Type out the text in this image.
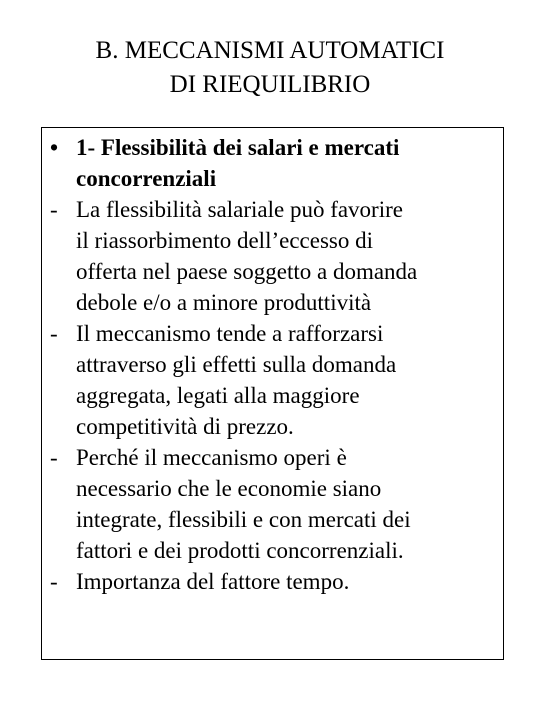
B. MECCANISMI AUTOMATICI
DI RIEQUILIBRIO
• 1- Flessibilità dei salari e mercati
concorrenziali
- La flessibilità salariale può favorire
il riassorbimento dell’eccesso di
offerta nel paese soggetto a domanda
debole e/o a minore produttività
- Il meccanismo tende a rafforzarsi
attraverso gli effetti sulla domanda
aggregata, legati alla maggiore
competitività di prezzo.
- Perché il meccanismo operi è
necessario che le economie siano
integrate, flessibili e con mercati dei
fattori e dei prodotti concorrenziali.
- Importanza del fattore tempo.
